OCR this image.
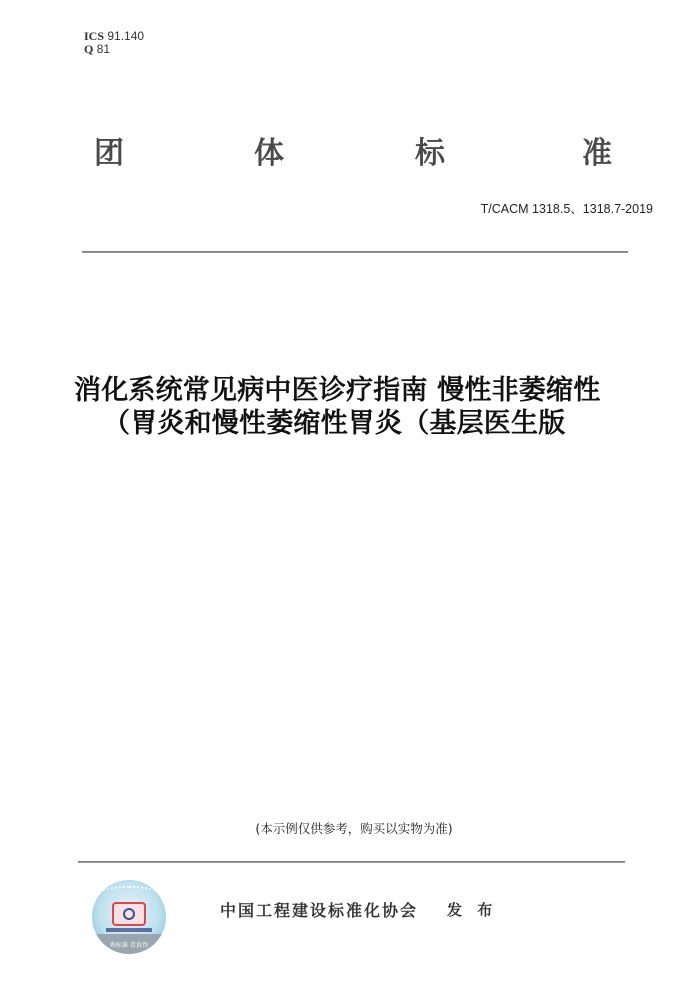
ICS 91.140
Q 81
团	体	标	准
T/CACM 1318.5、1318.7-2019
消化系统常见病中医诊疗指南 慢性非萎缩性
（胃炎和慢性萎缩性胃炎（基层医生版
(本示例仅供参考，购买以实物为准)
购标准 看真伪
中国工程建设标准化协会 发 布
